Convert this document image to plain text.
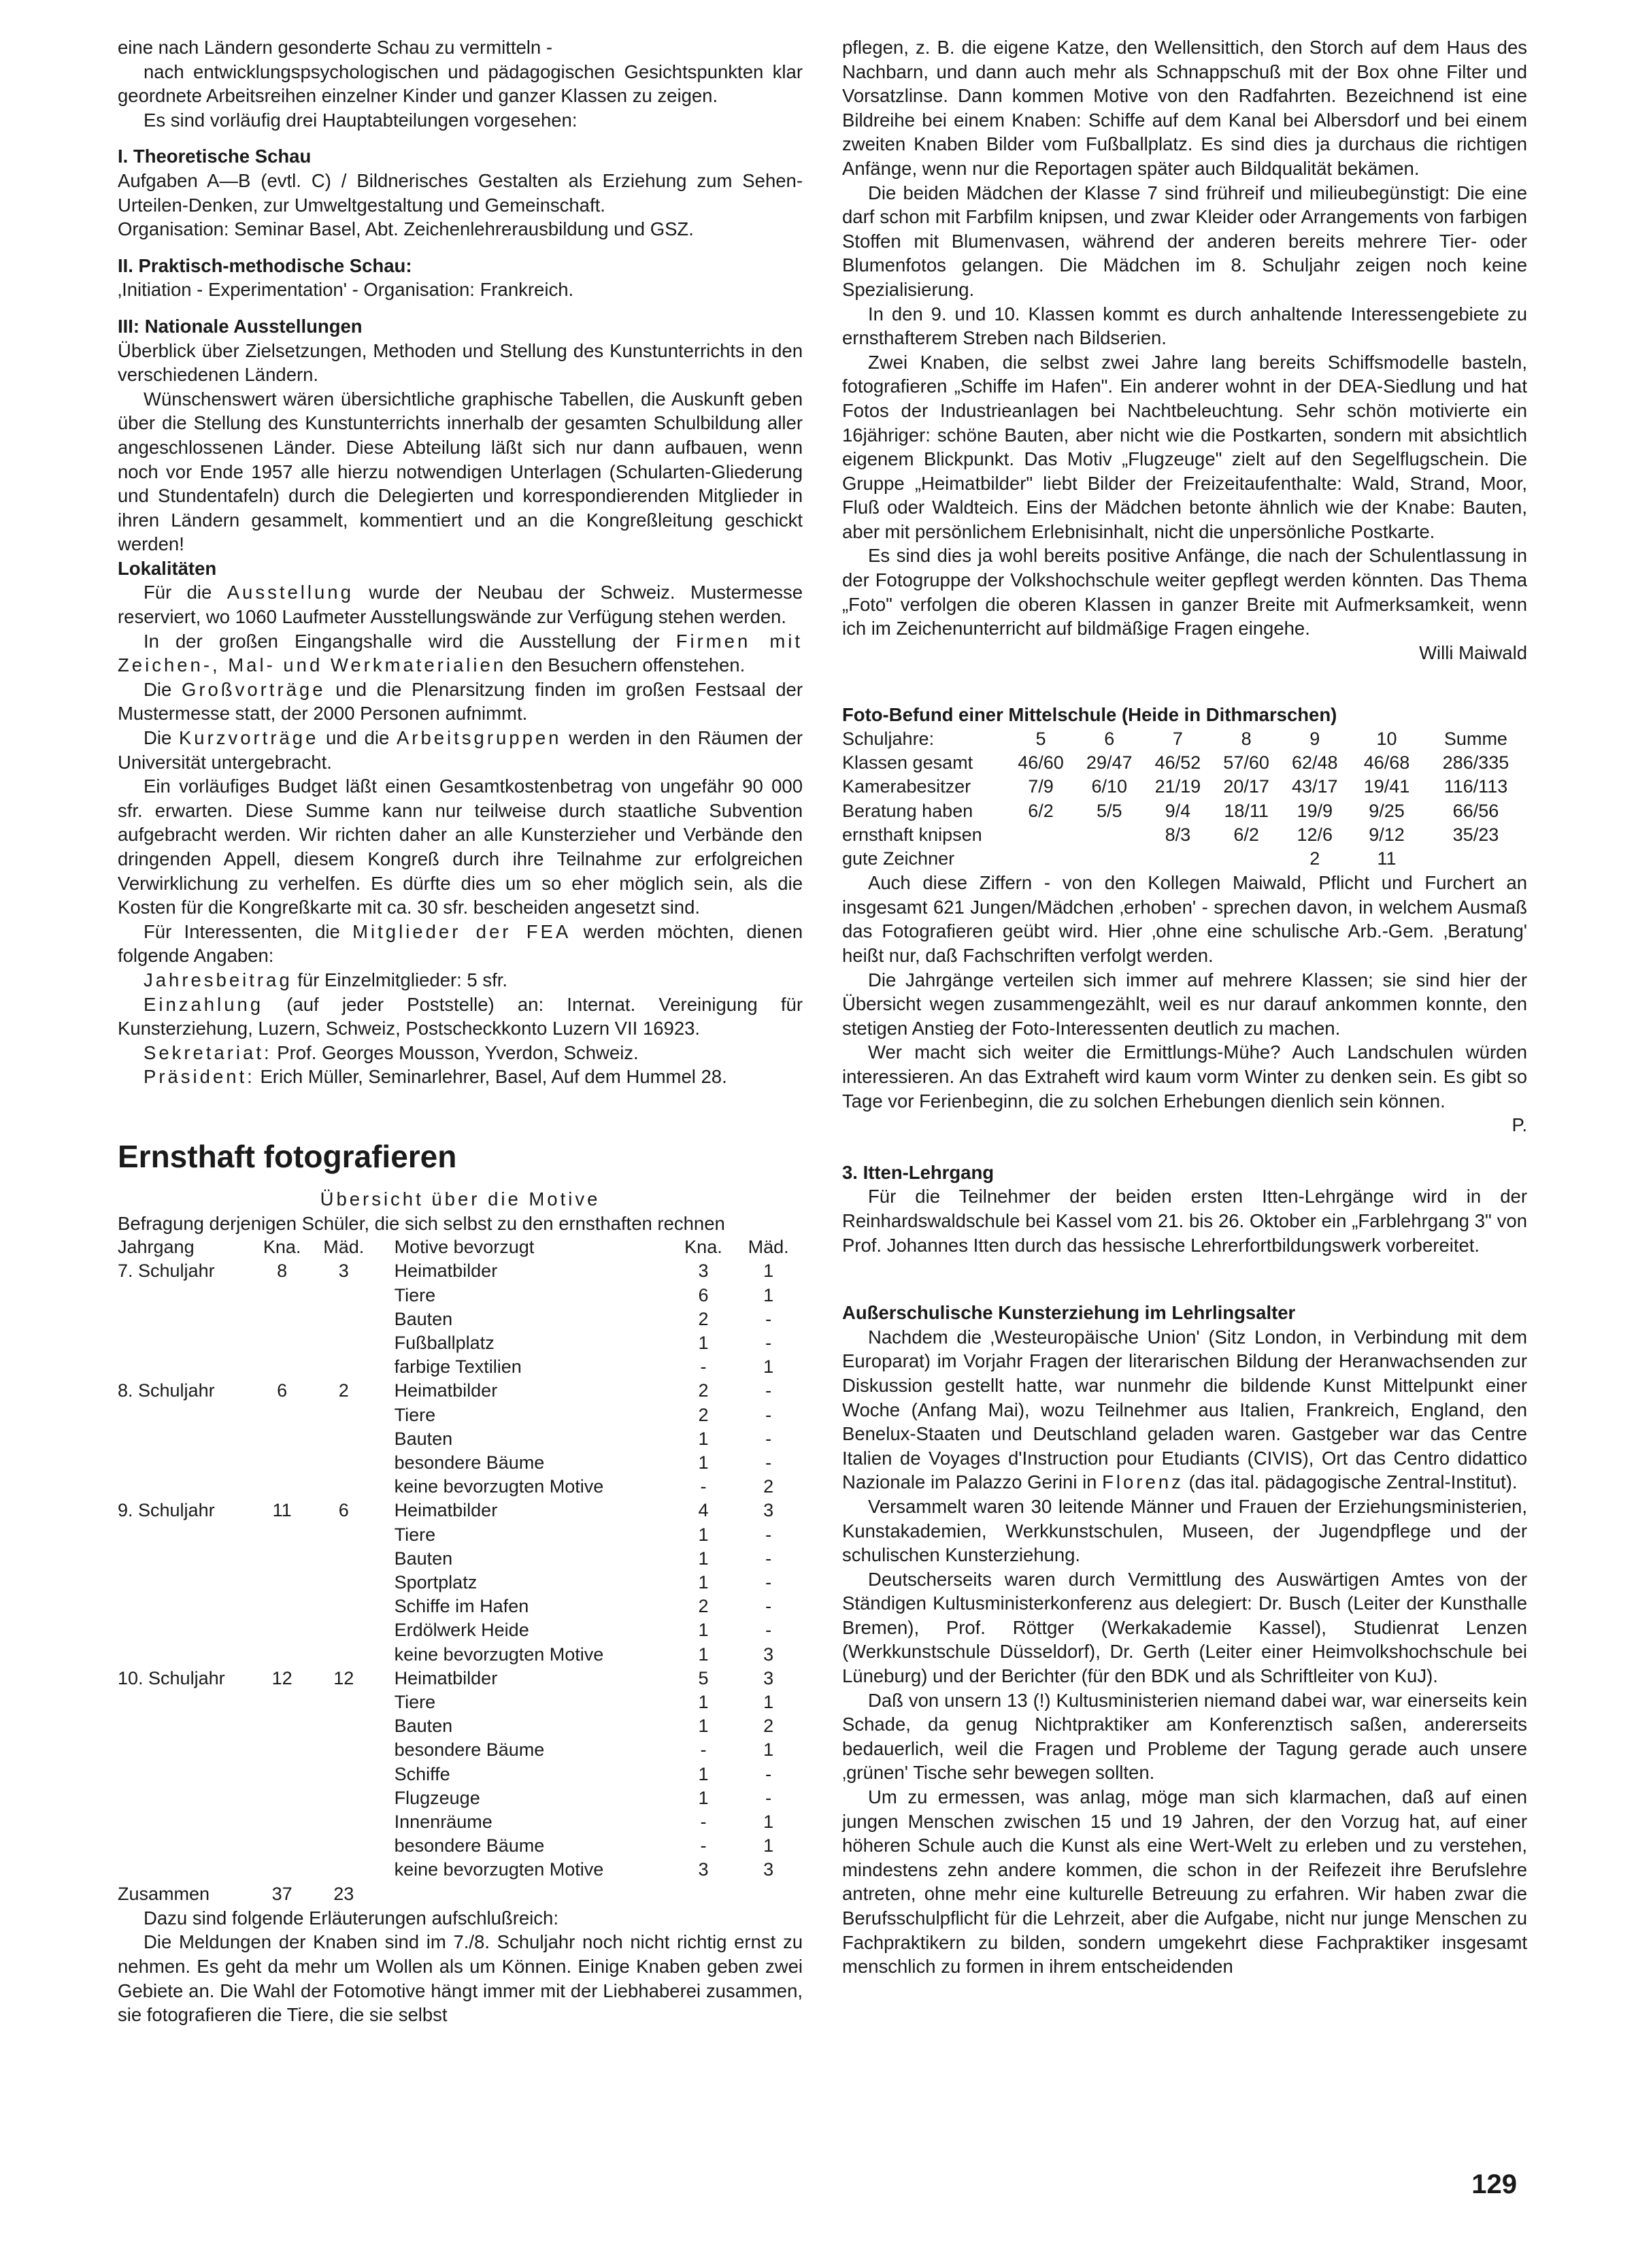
eine nach Ländern gesonderte Schau zu vermitteln -

nach entwicklungspsychologischen und pädagogischen Gesichtspunkten klar geordnete Arbeitsreihen einzelner Kinder und ganzer Klassen zu zeigen.

Es sind vorläufig drei Hauptabteilungen vorgesehen:

I. Theoretische Schau

Aufgaben A—B (evtl. C) / Bildnerisches Gestalten als Erziehung zum Sehen-Urteilen-Denken, zur Umweltgestaltung und Gemeinschaft.

Organisation: Seminar Basel, Abt. Zeichenlehrerausbildung und GSZ.

II. Praktisch-methodische Schau:

‚Initiation - Experimentation' - Organisation: Frankreich.

III: Nationale Ausstellungen

Überblick über Zielsetzungen, Methoden und Stellung des Kunstunterrichts in den verschiedenen Ländern.

Wünschenswert wären übersichtliche graphische Tabellen, die Auskunft geben über die Stellung des Kunstunterrichts innerhalb der gesamten Schulbildung aller angeschlossenen Länder. Diese Abteilung läßt sich nur dann aufbauen, wenn noch vor Ende 1957 alle hierzu notwendigen Unterlagen (Schularten-Gliederung und Stundentafeln) durch die Delegierten und korrespondierenden Mitglieder in ihren Ländern gesammelt, kommentiert und an die Kongreßleitung geschickt werden!

Lokalitäten

Für die Ausstellung wurde der Neubau der Schweiz. Mustermesse reserviert, wo 1060 Laufmeter Ausstellungswände zur Verfügung stehen werden.

In der großen Eingangshalle wird die Ausstellung der Firmen mit Zeichen-, Mal- und Werkmaterialien den Besuchern offenstehen.

Die Großvorträge und die Plenarsitzung finden im großen Festsaal der Mustermesse statt, der 2000 Personen aufnimmt.

Die Kurzvorträge und die Arbeitsgruppen werden in den Räumen der Universität untergebracht.

Ein vorläufiges Budget läßt einen Gesamtkostenbetrag von ungefähr 90 000 sfr. erwarten. Diese Summe kann nur teilweise durch staatliche Subvention aufgebracht werden. Wir richten daher an alle Kunsterzieher und Verbände den dringenden Appell, diesem Kongreß durch ihre Teilnahme zur erfolgreichen Verwirklichung zu verhelfen. Es dürfte dies um so eher möglich sein, als die Kosten für die Kongreßkarte mit ca. 30 sfr. bescheiden angesetzt sind.

Für Interessenten, die Mitglieder der FEA werden möchten, dienen folgende Angaben:

Jahresbeitrag für Einzelmitglieder: 5 sfr.

Einzahlung (auf jeder Poststelle) an: Internat. Vereinigung für Kunsterziehung, Luzern, Schweiz, Postscheckkonto Luzern VII 16923.

Sekretariat: Prof. Georges Mousson, Yverdon, Schweiz.

Präsident: Erich Müller, Seminarlehrer, Basel, Auf dem Hummel 28.

Ernsthaft fotografieren

Übersicht über die Motive

Befragung derjenigen Schüler, die sich selbst zu den ernsthaften rechnen

Jahrgang	Kna.	Mäd.	Motive bevorzugt	Kna.	Mäd.
7. Schuljahr	8	3	Heimatbilder	3	1
			Tiere	6	1
			Bauten	2	-
			Fußballplatz	1	-
			farbige Textilien	-	1
8. Schuljahr	6	2	Heimatbilder	2	-
			Tiere	2	-
			Bauten	1	-
			besondere Bäume	1	-
			keine bevorzugten Motive	-	2
9. Schuljahr	11	6	Heimatbilder	4	3
			Tiere	1	-
			Bauten	1	-
			Sportplatz	1	-
			Schiffe im Hafen	2	-
			Erdölwerk Heide	1	-
			keine bevorzugten Motive	1	3
10. Schuljahr	12	12	Heimatbilder	5	3
			Tiere	1	1
			Bauten	1	2
			besondere Bäume	-	1
			Schiffe	1	-
			Flugzeuge	1	-
			Innenräume	-	1
			besondere Bäume	-	1
			keine bevorzugten Motive	3	3
Zusammen	37	23			

Dazu sind folgende Erläuterungen aufschlußreich:

Die Meldungen der Knaben sind im 7./8. Schuljahr noch nicht richtig ernst zu nehmen. Es geht da mehr um Wollen als um Können. Einige Knaben geben zwei Gebiete an. Die Wahl der Fotomotive hängt immer mit der Liebhaberei zusammen, sie fotografieren die Tiere, die sie selbst

pflegen, z. B. die eigene Katze, den Wellensittich, den Storch auf dem Haus des Nachbarn, und dann auch mehr als Schnappschuß mit der Box ohne Filter und Vorsatzlinse. Dann kommen Motive von den Radfahrten. Bezeichnend ist eine Bildreihe bei einem Knaben: Schiffe auf dem Kanal bei Albersdorf und bei einem zweiten Knaben Bilder vom Fußballplatz. Es sind dies ja durchaus die richtigen Anfänge, wenn nur die Reportagen später auch Bildqualität bekämen.

Die beiden Mädchen der Klasse 7 sind frühreif und milieubegünstigt: Die eine darf schon mit Farbfilm knipsen, und zwar Kleider oder Arrangements von farbigen Stoffen mit Blumenvasen, während der anderen bereits mehrere Tier- oder Blumenfotos gelangen. Die Mädchen im 8. Schuljahr zeigen noch keine Spezialisierung.

In den 9. und 10. Klassen kommt es durch anhaltende Interessengebiete zu ernsthafterem Streben nach Bildserien.

Zwei Knaben, die selbst zwei Jahre lang bereits Schiffsmodelle basteln, fotografieren „Schiffe im Hafen". Ein anderer wohnt in der DEA-Siedlung und hat Fotos der Industrieanlagen bei Nachtbeleuchtung. Sehr schön motivierte ein 16jähriger: schöne Bauten, aber nicht wie die Postkarten, sondern mit absichtlich eigenem Blickpunkt. Das Motiv „Flugzeuge" zielt auf den Segelflugschein. Die Gruppe „Heimatbilder" liebt Bilder der Freizeitaufenthalte: Wald, Strand, Moor, Fluß oder Waldteich. Eins der Mädchen betonte ähnlich wie der Knabe: Bauten, aber mit persönlichem Erlebnisinhalt, nicht die unpersönliche Postkarte.

Es sind dies ja wohl bereits positive Anfänge, die nach der Schulentlassung in der Fotogruppe der Volkshochschule weiter gepflegt werden könnten. Das Thema „Foto" verfolgen die oberen Klassen in ganzer Breite mit Aufmerksamkeit, wenn ich im Zeichenunterricht auf bildmäßige Fragen eingehe.

Willi Maiwald

Foto-Befund einer Mittelschule (Heide in Dithmarschen)

Schuljahre:	5	6	7	8	9	10	Summe
Klassen gesamt	46/60	29/47	46/52	57/60	62/48	46/68	286/335
Kamerabesitzer	7/9	6/10	21/19	20/17	43/17	19/41	116/113
Beratung haben	6/2	5/5	9/4	18/11	19/9	9/25	66/56
ernsthaft knipsen			8/3	6/2	12/6	9/12	35/23
gute Zeichner					2	11	

Auch diese Ziffern - von den Kollegen Maiwald, Pflicht und Furchert an insgesamt 621 Jungen/Mädchen ‚erhoben' - sprechen davon, in welchem Ausmaß das Fotografieren geübt wird. Hier ‚ohne eine schulische Arb.-Gem. ‚Beratung' heißt nur, daß Fachschriften verfolgt werden.

Die Jahrgänge verteilen sich immer auf mehrere Klassen; sie sind hier der Übersicht wegen zusammengezählt, weil es nur darauf ankommen konnte, den stetigen Anstieg der Foto-Interessenten deutlich zu machen.

Wer macht sich weiter die Ermittlungs-Mühe? Auch Landschulen würden interessieren. An das Extraheft wird kaum vorm Winter zu denken sein. Es gibt so Tage vor Ferienbeginn, die zu solchen Erhebungen dienlich sein können.

P.

3. Itten-Lehrgang

Für die Teilnehmer der beiden ersten Itten-Lehrgänge wird in der Reinhardswaldschule bei Kassel vom 21. bis 26. Oktober ein „Farblehrgang 3" von Prof. Johannes Itten durch das hessische Lehrerfortbildungswerk vorbereitet.

Außerschulische Kunsterziehung im Lehrlingsalter

Nachdem die ‚Westeuropäische Union' (Sitz London, in Verbindung mit dem Europarat) im Vorjahr Fragen der literarischen Bildung der Heranwachsenden zur Diskussion gestellt hatte, war nunmehr die bildende Kunst Mittelpunkt einer Woche (Anfang Mai), wozu Teilnehmer aus Italien, Frankreich, England, den Benelux-Staaten und Deutschland geladen waren. Gastgeber war das Centre Italien de Voyages d'Instruction pour Etudiants (CIVIS), Ort das Centro didattico Nazionale im Palazzo Gerini in Florenz (das ital. pädagogische Zentral-Institut).

Versammelt waren 30 leitende Männer und Frauen der Erziehungsministerien, Kunstakademien, Werkkunstschulen, Museen, der Jugendpflege und der schulischen Kunsterziehung.

Deutscherseits waren durch Vermittlung des Auswärtigen Amtes von der Ständigen Kultusministerkonferenz aus delegiert: Dr. Busch (Leiter der Kunsthalle Bremen), Prof. Röttger (Werkakademie Kassel), Studienrat Lenzen (Werkkunstschule Düsseldorf), Dr. Gerth (Leiter einer Heimvolkshochschule bei Lüneburg) und der Berichter (für den BDK und als Schriftleiter von KuJ).

Daß von unsern 13 (!) Kultusministerien niemand dabei war, war einerseits kein Schade, da genug Nichtpraktiker am Konferenztisch saßen, andererseits bedauerlich, weil die Fragen und Probleme der Tagung gerade auch unsere ‚grünen' Tische sehr bewegen sollten.

Um zu ermessen, was anlag, möge man sich klarmachen, daß auf einen jungen Menschen zwischen 15 und 19 Jahren, der den Vorzug hat, auf einer höheren Schule auch die Kunst als eine Wert-Welt zu erleben und zu verstehen, mindestens zehn andere kommen, die schon in der Reifezeit ihre Berufslehre antreten, ohne mehr eine kulturelle Betreuung zu erfahren. Wir haben zwar die Berufsschulpflicht für die Lehrzeit, aber die Aufgabe, nicht nur junge Menschen zu Fachpraktikern zu bilden, sondern umgekehrt diese Fachpraktiker insgesamt menschlich zu formen in ihrem entscheidenden

129
